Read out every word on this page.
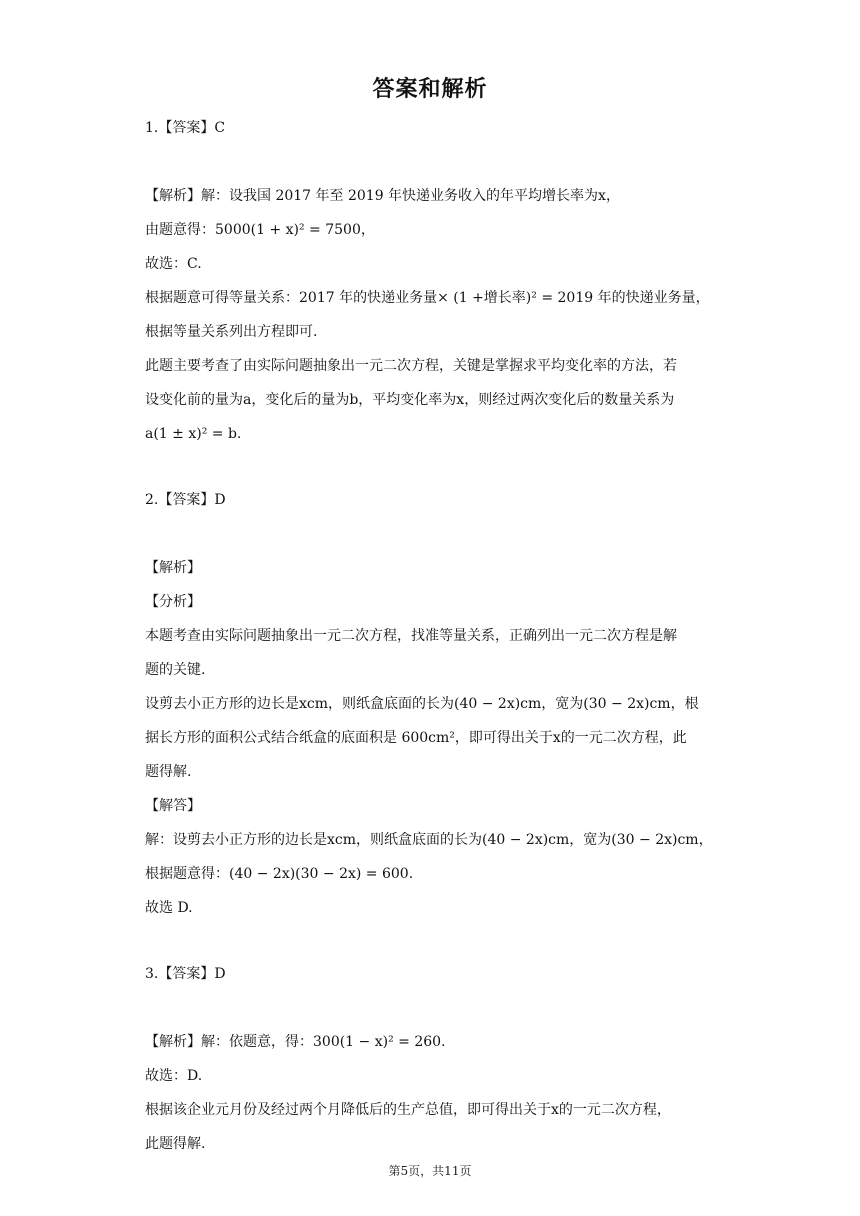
答案和解析
1.【答案】C
【解析】解：设我国 2017 年至 2019 年快递业务收入的年平均增长率为x，
由题意得：5000(1 + x)² = 7500，
故选：C.
根据题意可得等量关系：2017 年的快递业务量× (1 +增长率)² = 2019 年的快递业务量，
根据等量关系列出方程即可.
此题主要考查了由实际问题抽象出一元二次方程，关键是掌握求平均变化率的方法，若
设变化前的量为a，变化后的量为b，平均变化率为x，则经过两次变化后的数量关系为
a(1 ± x)² = b.
2.【答案】D
【解析】
【分析】
本题考查由实际问题抽象出一元二次方程，找准等量关系，正确列出一元二次方程是解
题的关键.
设剪去小正方形的边长是xcm，则纸盒底面的长为(40 − 2x)cm，宽为(30 − 2x)cm，根
据长方形的面积公式结合纸盒的底面积是 600cm²，即可得出关于x的一元二次方程，此
题得解.
【解答】
解：设剪去小正方形的边长是xcm，则纸盒底面的长为(40 − 2x)cm，宽为(30 − 2x)cm，
根据题意得：(40 − 2x)(30 − 2x) = 600.
故选 D.
3.【答案】D
【解析】解：依题意，得：300(1 − x)² = 260.
故选：D.
根据该企业元月份及经过两个月降低后的生产总值，即可得出关于x的一元二次方程，
此题得解.
第5页，共11页
